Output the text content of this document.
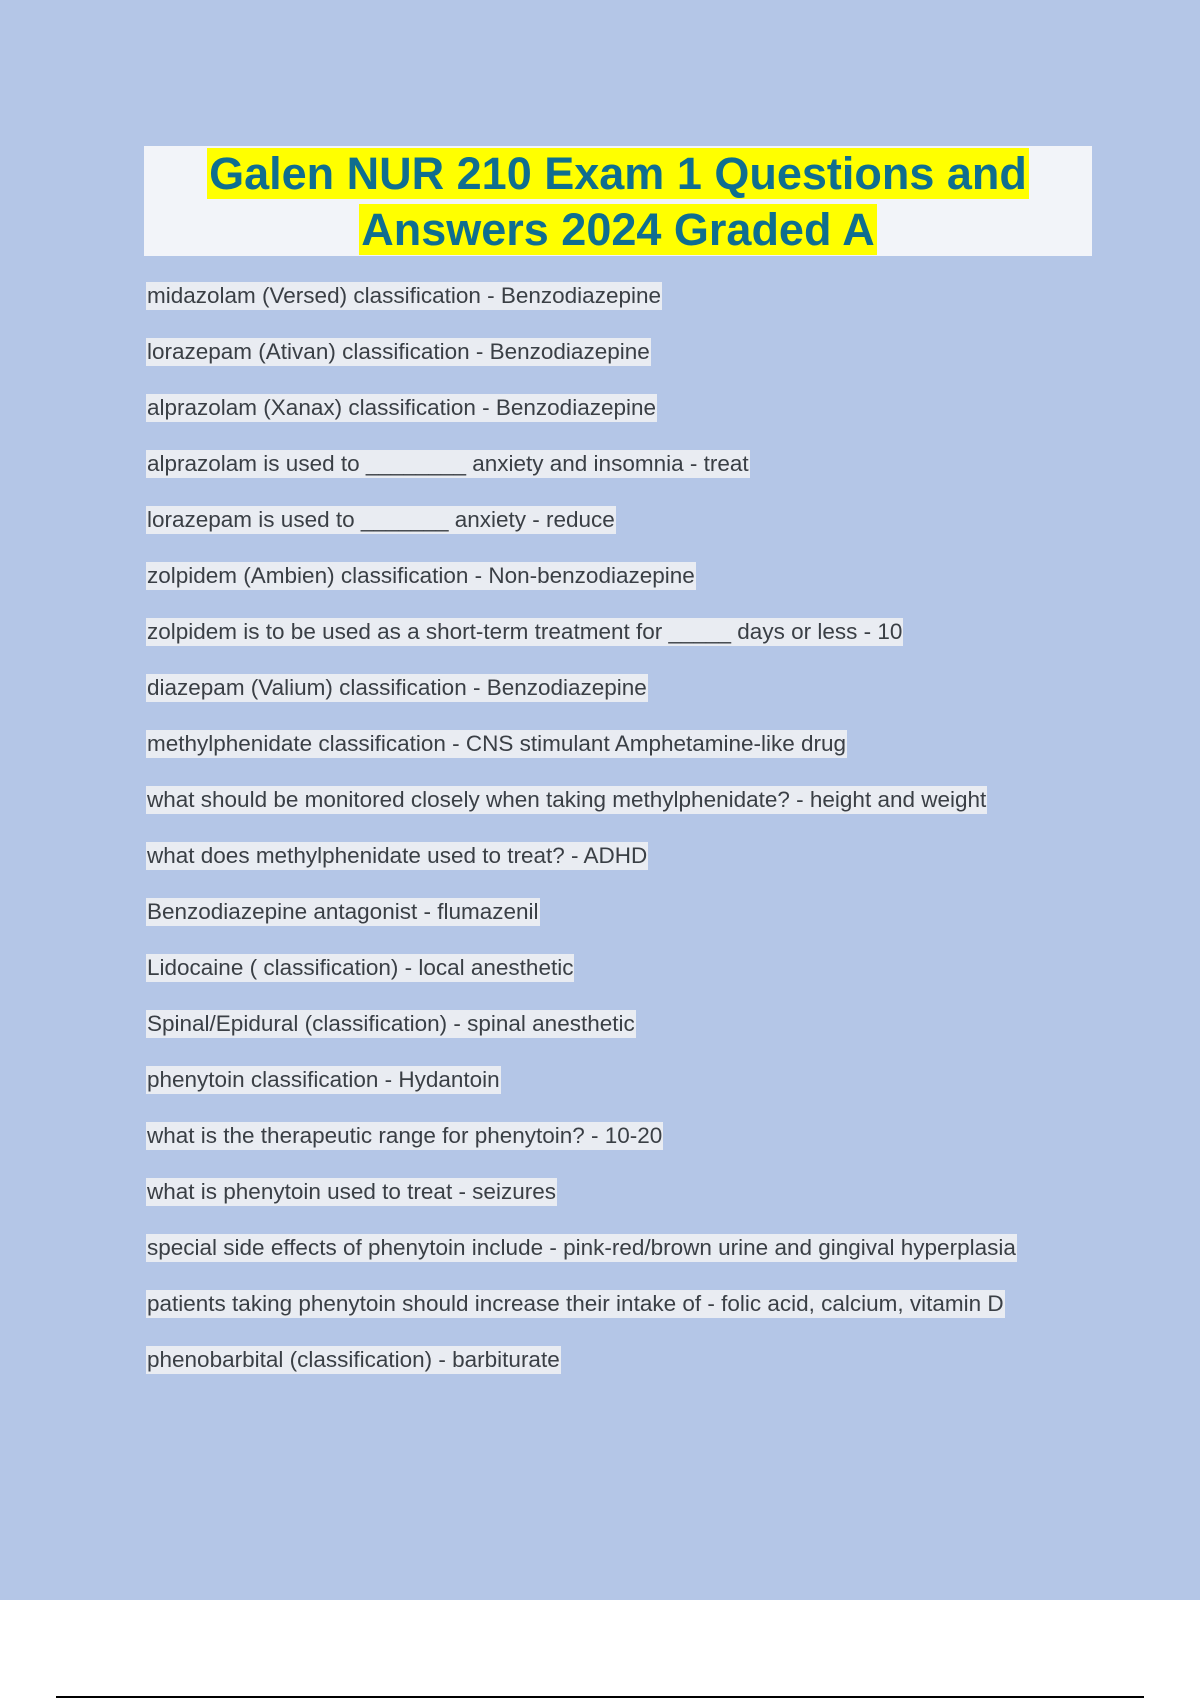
Galen NUR 210 Exam 1 Questions and Answers 2024 Graded A
midazolam (Versed) classification - Benzodiazepine
lorazepam (Ativan) classification - Benzodiazepine
alprazolam (Xanax) classification - Benzodiazepine
alprazolam is used to ________ anxiety and insomnia - treat
lorazepam is used to _______ anxiety - reduce
zolpidem (Ambien) classification - Non-benzodiazepine
zolpidem is to be used as a short-term treatment for _____ days or less - 10
diazepam (Valium) classification - Benzodiazepine
methylphenidate classification - CNS stimulant Amphetamine-like drug
what should be monitored closely when taking methylphenidate? - height and weight
what does methylphenidate used to treat? - ADHD
Benzodiazepine antagonist - flumazenil
Lidocaine ( classification) - local anesthetic
Spinal/Epidural (classification) - spinal anesthetic
phenytoin classification - Hydantoin
what is the therapeutic range for phenytoin? - 10-20
what is phenytoin used to treat - seizures
special side effects of phenytoin include - pink-red/brown urine and gingival hyperplasia
patients taking phenytoin should increase their intake of - folic acid, calcium, vitamin D
phenobarbital (classification) - barbiturate
